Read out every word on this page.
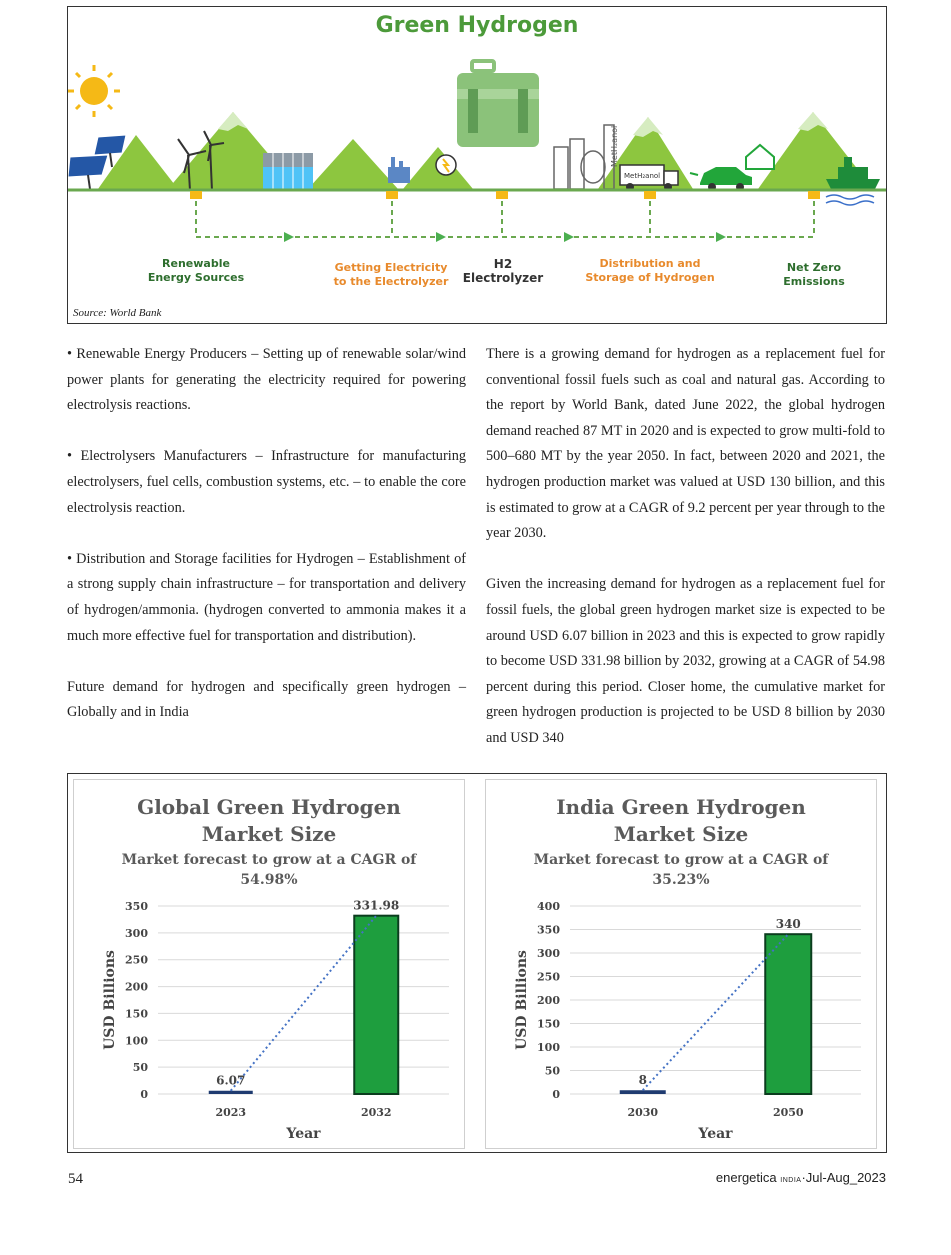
MetH₂anol
MetH₂anol
Green Hydrogen
Renewable
Energy Sources
Getting Electricity
to the Electrolyzer
H2
Electrolyzer
Distribution and
Storage of Hydrogen
Net Zero
Emissions
Source: World Bank

• Renewable Energy Producers – Setting up of renewable solar/wind power plants for generating the electricity required for powering electrolysis reactions.

• Electrolysers Manufacturers – Infrastructure for manufacturing electrolysers, fuel cells, combustion systems, etc. – to enable the core electrolysis reaction.

• Distribution and Storage facilities for Hydrogen – Establishment of a strong supply chain infrastructure – for transportation and delivery of hydrogen/ammonia. (hydrogen converted to ammonia makes it a much more effective fuel for transportation and distribution).

Future demand for hydrogen and specifically green hydrogen – Globally and in India

There is a growing demand for hydrogen as a replacement fuel for conventional fossil fuels such as coal and natural gas. According to the report by World Bank, dated June 2022, the global hydrogen demand reached 87 MT in 2020 and is expected to grow multi-fold to 500–680 MT by the year 2050. In fact, between 2020 and 2021, the hydrogen production market was valued at USD 130 billion, and this is estimated to grow at a CAGR of 9.2 percent per year through to the year 2030.

Given the increasing demand for hydrogen as a replacement fuel for fossil fuels, the global green hydrogen market size is expected to be around USD 6.07 billion in 2023 and this is expected to grow rapidly to become USD 331.98 billion by 2032, growing at a CAGR of 54.98 percent during this period. Closer home, the cumulative market for green hydrogen production is projected to be USD 8 billion by 2030 and USD 340

Global Green Hydrogen
Market Size
Market forecast to grow at a CAGR of
54.98%
0
50
100
150
200
250
300
350
6.07
2023
331.98
2032
Year
USD Billions
India Green Hydrogen
Market Size
Market forecast to grow at a CAGR of
35.23%
0
50
100
150
200
250
300
350
400
8
2030
340
2050
Year
USD Billions
54	energetica INDIA·Jul-Aug_2023
